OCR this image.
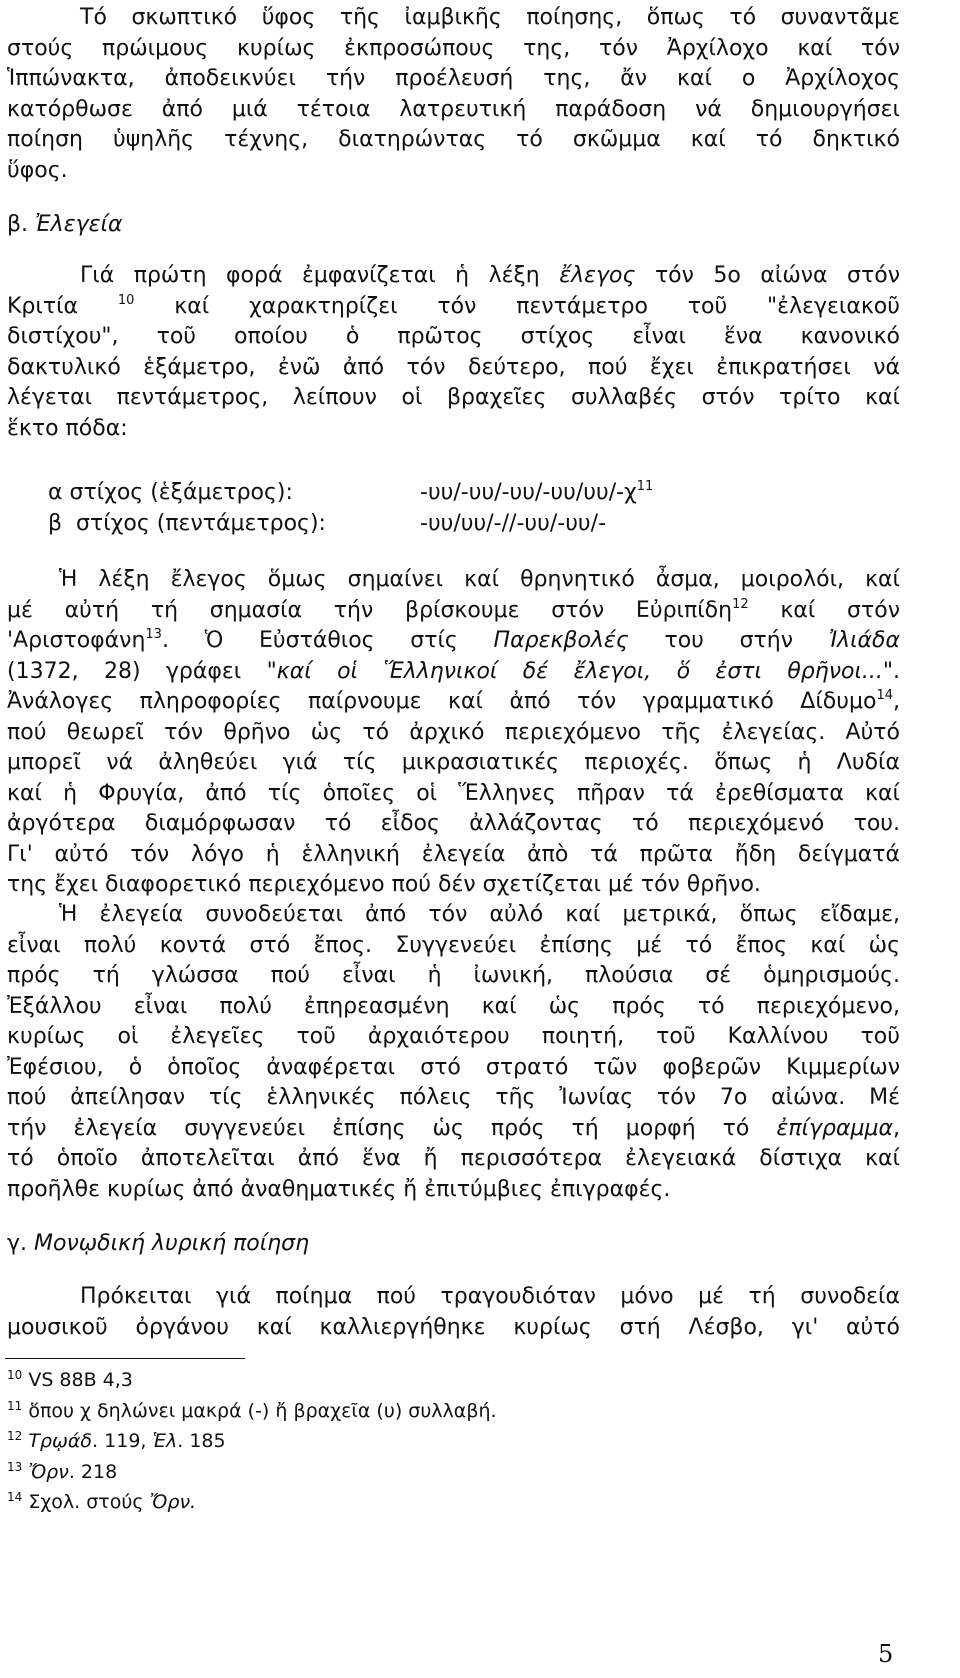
Τό σκωπτικό ὕφος τῆς ἰαμβικῆς ποίησης, ὅπως τό συναντᾶμε
στούς πρώιμους κυρίως ἐκπροσώπους της, τόν Ἀρχίλοχο καί τόν
Ἱππώνακτα, ἀποδεικνύει τήν προέλευσή της, ἄν καί ο Ἀρχίλοχος
κατόρθωσε ἀπό μιά τέτοια λατρευτική παράδοση νά δημιουργήσει
ποίηση ὑψηλῆς τέχνης, διατηρώντας τό σκῶμμα καί τό δηκτικό
ὕφος.
β. Ἐλεγεία
Γιά πρώτη φορά ἐμφανίζεται ἡ λέξη ἔλεγος τόν 5ο αἰώνα στόν
Κριτία $^{10}$ καί χαρακτηρίζει τόν πεντάμετρο τοῦ "ἐλεγειακοῦ
διστίχου", τοῦ οποίου ὁ πρῶτος στίχος εἶναι ἕνα κανονικό
δακτυλικό ἑξάμετρο, ἐνῶ ἀπό τόν δεύτερο, πού ἔχει ἐπικρατήσει νά
λέγεται πεντάμετρος, λείπουν οἱ βραχεῖες συλλαβές στόν τρίτο καί
ἕκτο πόδα:
α στίχος (ἑξάμετρος):	$-\upsilon\upsilon/-\upsilon\upsilon/-\upsilon\upsilon/-\upsilon\upsilon/\upsilon\upsilon/-\chi^{11}$
β  στίχος (πεντάμετρος):	-υυ/υυ/-//-υυ/-υυ/-
Ἡ λέξη ἔλεγος ὅμως σημαίνει καί θρηνητικό ἆσμα, μοιρολόι, καί
μέ αὐτή τή σημασία τήν βρίσκουμε στόν Εὐριπίδη$^{12}$ καί στόν
'Αριστοφάνη$^{13}$. Ὁ Εὐστάθιος στίς Παρεκβολές του στήν Ἰλιάδα
(1372, 28) γράφει "καί οἱ Ἕλληνικοί δέ ἔλεγοι, ὅ ἐστι θρῆνοι...".
Ἀνάλογες πληροφορίες παίρνουμε καί ἀπό τόν γραμματικό Δίδυμο$^{14}$,
πού θεωρεῖ τόν θρῆνο ὡς τό ἀρχικό περιεχόμενο τῆς ἐλεγείας. Αὐτό
μπορεῖ νά ἀληθεύει γιά τίς μικρασιατικές περιοχές. ὅπως ἡ Λυδία
καί ἡ Φρυγία, ἀπό τίς ὁποῖες οἱ Ἕλληνες πῆραν τά ἐρεθίσματα καί
ἀργότερα διαμόρφωσαν τό εἶδος ἀλλάζοντας τό περιεχόμενό του.
Γι' αὐτό τόν λόγο ἡ ἑλληνική ἐλεγεία ἀπὸ τά πρῶτα ἤδη δείγματά
της ἔχει διαφορετικό περιεχόμενο πού δέν σχετίζεται μέ τόν θρῆνο.
Ἡ ἐλεγεία συνοδεύεται ἀπό τόν αὐλό καί μετρικά, ὅπως εἴδαμε,
εἶναι πολύ κοντά στό ἔπος. Συγγενεύει ἐπίσης μέ τό ἔπος καί ὡς
πρός τή γλώσσα πού εἶναι ἡ ἰωνική, πλούσια σέ ὁμηρισμούς.
Ἐξάλλου εἶναι πολύ ἐπηρεασμένη καί ὡς πρός τό περιεχόμενο,
κυρίως οἱ ἐλεγεῖες τοῦ ἀρχαιότερου ποιητή, τοῦ Καλλίνου τοῦ
Ἐφέσιου, ὁ ὁποῖος ἀναφέρεται στό στρατό τῶν φοβερῶν Κιμμερίων
πού ἀπείλησαν τίς ἑλληνικές πόλεις τῆς Ἰωνίας τόν 7ο αἰώνα. Μέ
τήν ἐλεγεία συγγενεύει ἐπίσης ὡς πρός τή μορφή τό ἐπίγραμμα,
τό ὁποῖο ἀποτελεῖται ἀπό ἕνα ἤ περισσότερα ἐλεγειακά δίστιχα καί
προῆλθε κυρίως ἀπό ἀναθηματικές ἤ ἐπιτύμβιες ἐπιγραφές.
γ. Μονῳδική λυρική ποίηση
Πρόκειται γιά ποίημα πού τραγουδιόταν μόνο μέ τή συνοδεία
μουσικοῦ ὀργάνου καί καλλιεργήθηκε κυρίως στή Λέσβο, γι' αὐτό
$^{10}$ VS 88B 4,3
$^{11}$ ὅπου χ δηλώνει μακρά (-) ἤ βραχεῖα (υ) συλλαβή.
$^{12}$ Τρῳάδ. 119, Ἑλ. 185
$^{13}$ Ὄρν. 218
$^{14}$ Σχολ. στούς Ὄρν.
5
